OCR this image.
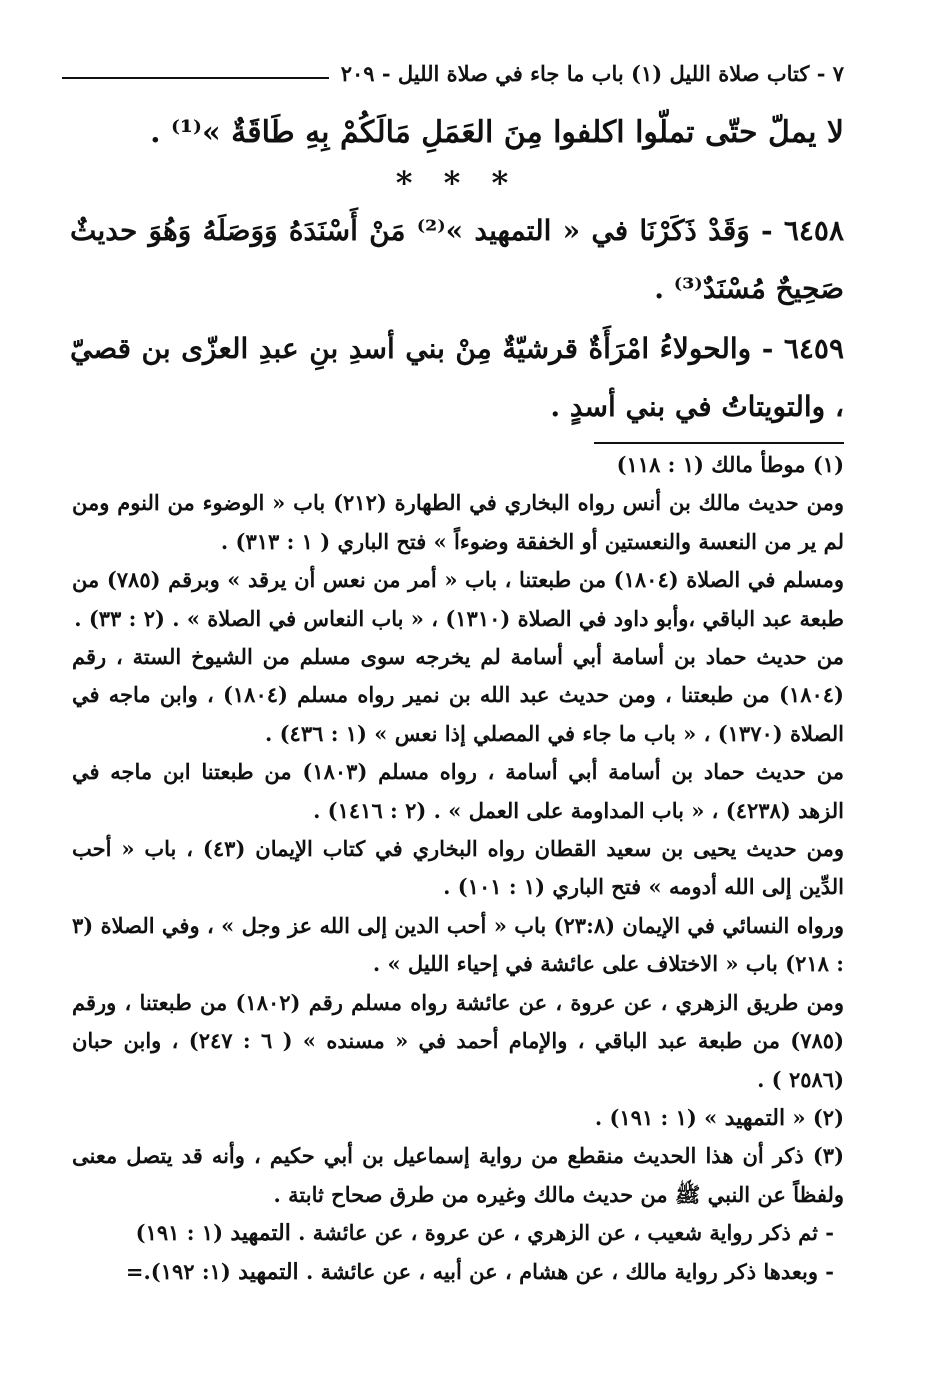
٧ - كتاب صلاة الليل (١) باب ما جاء في صلاة الليل - ٢٠٩

لا يملّ حتّى تملّوا اكلفوا مِنَ العَمَلِ مَالَكُمْ بِهِ طَاقَةٌ »⁽¹⁾ .

* * *

٦٤٥٨ - وَقَدْ ذَكَرْنَا في « التمهيد »⁽²⁾ مَنْ أَسْنَدَهُ وَوَصَلَهُ وَهُوَ حديثٌ صَحِيحٌ مُسْنَدٌ⁽³⁾ .

٦٤٥٩ - والحولاءُ امْرَأَةٌ قرشيّةٌ مِنْ بني أسدِ بنِ عبدِ العزّى بن قصيّ ، والتويتاتُ في بني أسدٍ .

(١) موطأ مالك (١ : ١١٨)

ومن حديث مالك بن أنس رواه البخاري في الطهارة (٢١٢) باب « الوضوء من النوم ومن لم ير من النعسة والنعستين أو الخفقة وضوءاً » فتح الباري ( ١ : ٣١٣) .

ومسلم في الصلاة (١٨٠٤) من طبعتنا ، باب « أمر من نعس أن يرقد » وبرقم (٧٨٥) من طبعة عبد الباقي ،وأبو داود في الصلاة (١٣١٠) ، « باب النعاس في الصلاة » . (٢ : ٣٣) .

من حديث حماد بن أسامة أبي أسامة لم يخرجه سوى مسلم من الشيوخ الستة ، رقم (١٨٠٤) من طبعتنا ، ومن حديث عبد الله بن نمير رواه مسلم (١٨٠٤) ، وابن ماجه في الصلاة (١٣٧٠) ، « باب ما جاء في المصلي إذا نعس » (١ : ٤٣٦) .

من حديث حماد بن أسامة أبي أسامة ، رواه مسلم (١٨٠٣) من طبعتنا ابن ماجه في الزهد (٤٢٣٨) ، « باب المداومة على العمل » . (٢ : ١٤١٦) .

ومن حديث يحيى بن سعيد القطان رواه البخاري في كتاب الإيمان (٤٣) ، باب « أحب الدِّين إلى الله أدومه » فتح الباري (١ : ١٠١) .

ورواه النسائي في الإيمان (٢٣:٨) باب « أحب الدين إلى الله عز وجل » ، وفي الصلاة (٣ : ٢١٨) باب « الاختلاف على عائشة في إحياء الليل » .

ومن طريق الزهري ، عن عروة ، عن عائشة رواه مسلم رقم (١٨٠٢) من طبعتنا ، ورقم (٧٨٥) من طبعة عبد الباقي ، والإمام أحمد في « مسنده » ( ٦ : ٢٤٧) ، وابن حبان (٢٥٨٦ ) .

(٢) « التمهيد » (١ : ١٩١) .

(٣) ذكر أن هذا الحديث منقطع من رواية إسماعيل بن أبي حكيم ، وأنه قد يتصل معنى ولفظاً عن النبي ﷺ من حديث مالك وغيره من طرق صحاح ثابتة .

- ثم ذكر رواية شعيب ، عن الزهري ، عن عروة ، عن عائشة . التمهيد (١ : ١٩١)

- وبعدها ذكر رواية مالك ، عن هشام ، عن أبيه ، عن عائشة . التمهيد (١: ١٩٢).=
